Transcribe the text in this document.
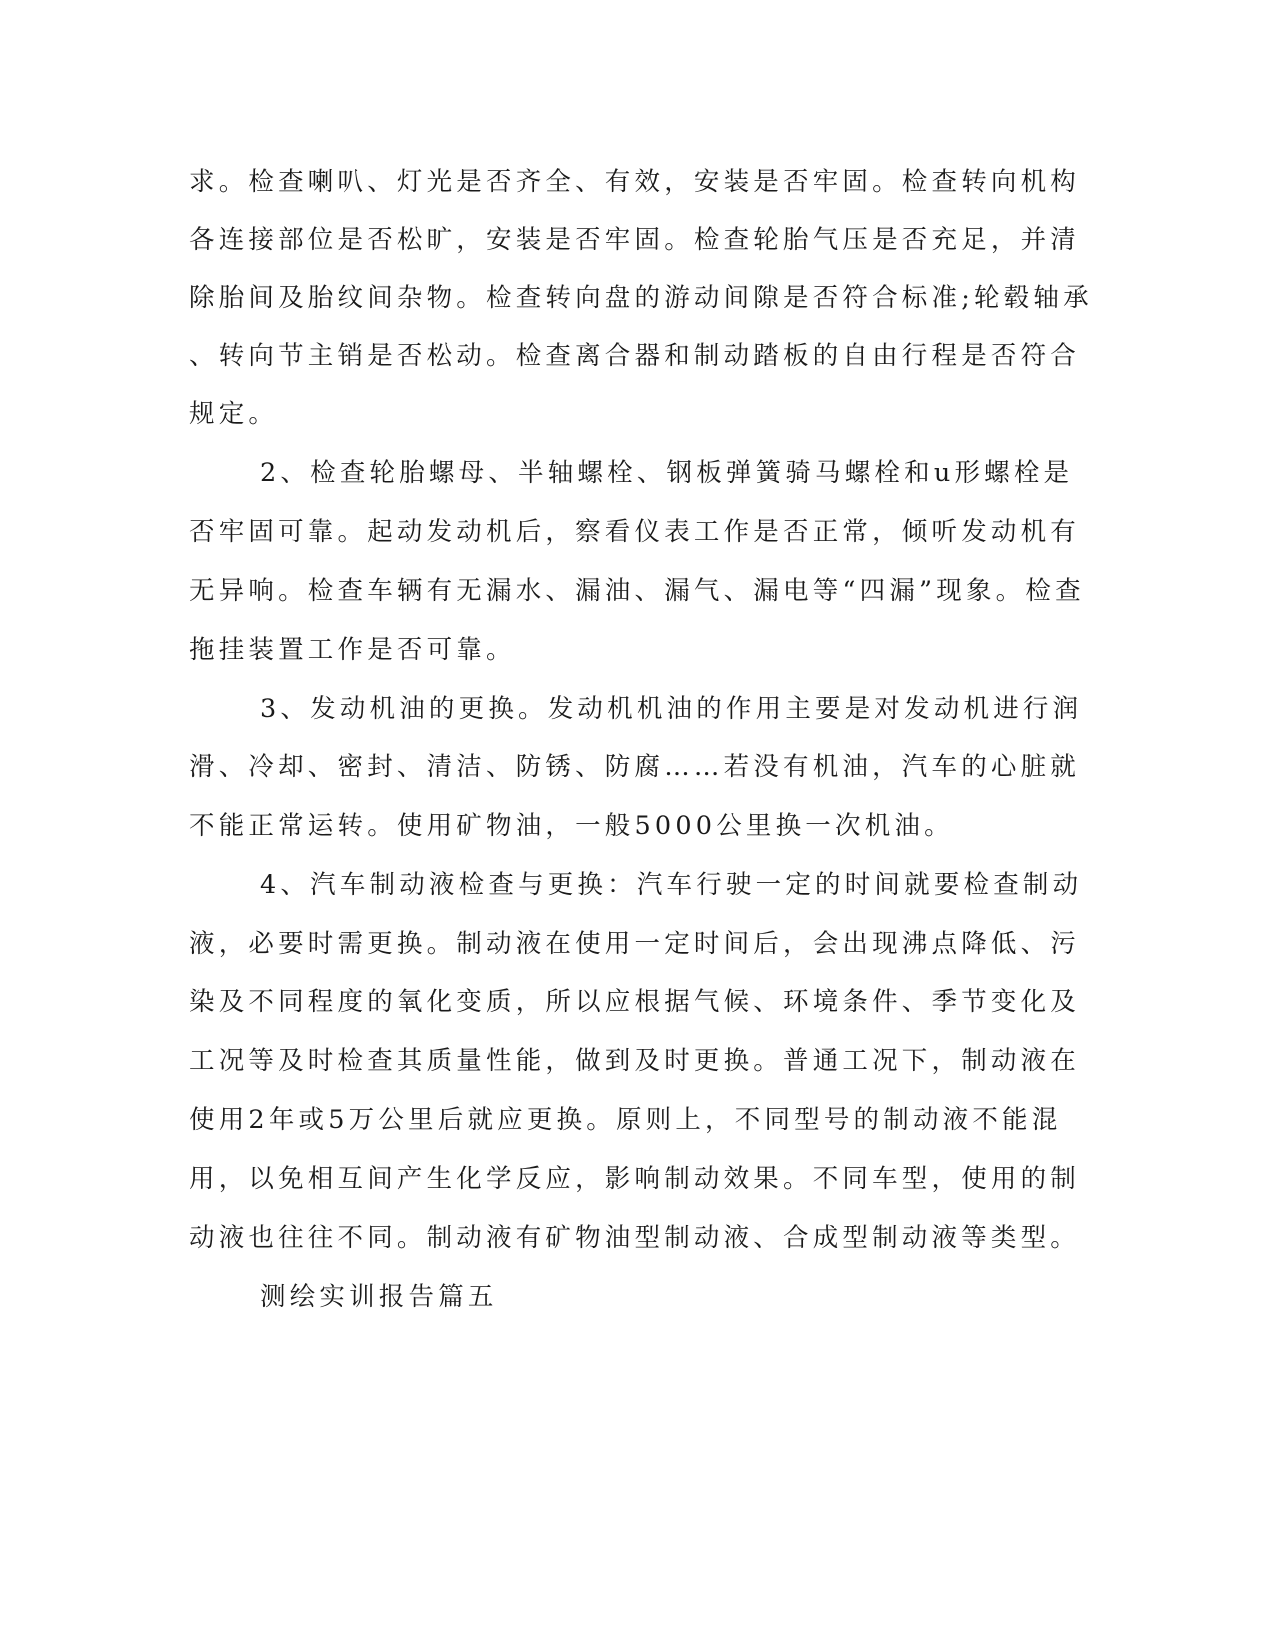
求。检查喇叭、灯光是否齐全、有效，安装是否牢固。检查转向机构

各连接部位是否松旷，安装是否牢固。检查轮胎气压是否充足，并清

除胎间及胎纹间杂物。检查转向盘的游动间隙是否符合标准;轮毂轴承

、转向节主销是否松动。检查离合器和制动踏板的自由行程是否符合

规定。

2、检查轮胎螺母、半轴螺栓、钢板弹簧骑马螺栓和u形螺栓是

否牢固可靠。起动发动机后，察看仪表工作是否正常，倾听发动机有

无异响。检查车辆有无漏水、漏油、漏气、漏电等“四漏”现象。检查

拖挂装置工作是否可靠。

3、发动机油的更换。发动机机油的作用主要是对发动机进行润

滑、冷却、密封、清洁、防锈、防腐……若没有机油，汽车的心脏就

不能正常运转。使用矿物油，一般5000公里换一次机油。

4、汽车制动液检查与更换：汽车行驶一定的时间就要检查制动

液，必要时需更换。制动液在使用一定时间后，会出现沸点降低、污

染及不同程度的氧化变质，所以应根据气候、环境条件、季节变化及

工况等及时检查其质量性能，做到及时更换。普通工况下，制动液在

使用2年或5万公里后就应更换。原则上，不同型号的制动液不能混

用，以免相互间产生化学反应，影响制动效果。不同车型，使用的制

动液也往往不同。制动液有矿物油型制动液、合成型制动液等类型。

测绘实训报告篇五
